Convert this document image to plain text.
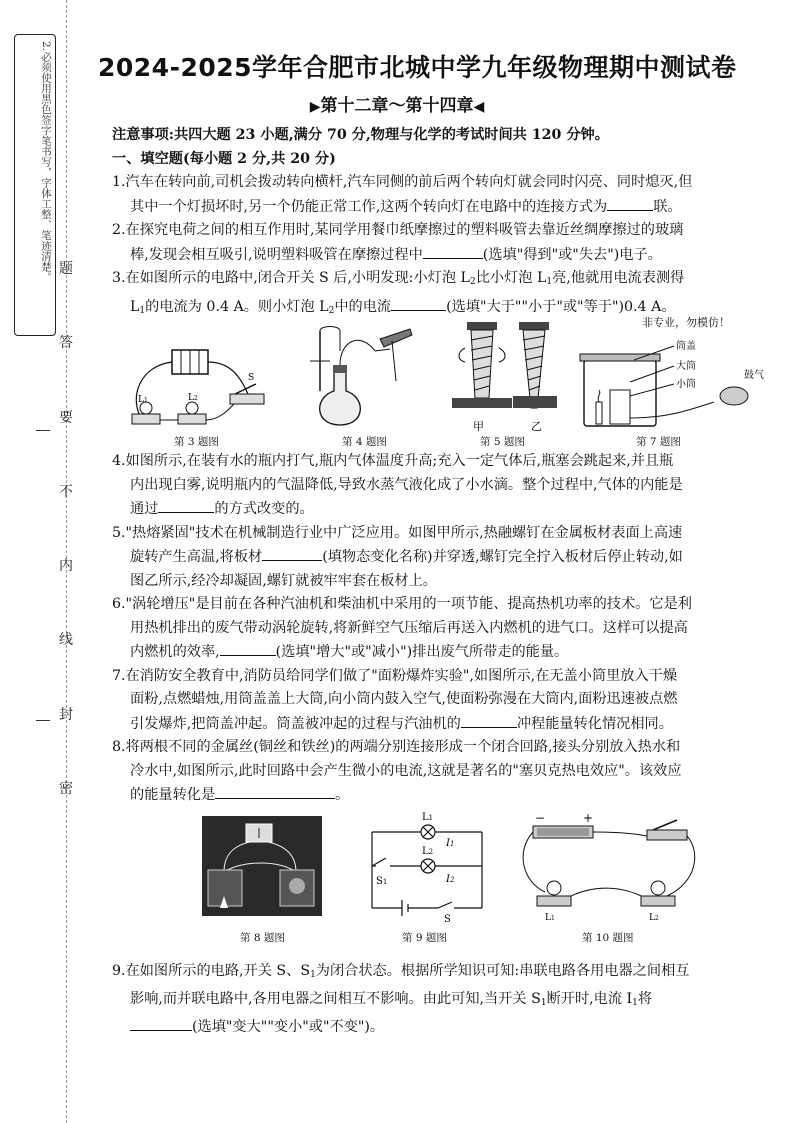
2.必须使用黑色签字笔书写，字体工整、笔迹清楚。 题
答
要
不
内
线
封
密
2024-2025学年合肥市北城中学九年级物理期中测试卷
▶第十二章～第十四章◀

注意事项:共四大题 23 小题,满分 70 分,物理与化学的考试时间共 120 分钟。

一、填空题(每小题 2 分,共 20 分)

1.汽车在转向前,司机会拨动转向横杆,汽车同侧的前后两个转向灯就会同时闪亮、同时熄灭,但
其中一个灯损坏时,另一个仍能正常工作,这两个转向灯在电路中的连接方式为	联。

2.在探究电荷之间的相互作用时,某同学用餐巾纸摩擦过的塑料吸管去靠近丝绸摩擦过的玻璃
棒,发现会相互吸引,说明塑料吸管在摩擦过程中	(选填"得到"或"失去")电子。

3.在如图所示的电路中,闭合开关 S 后,小明发现:小灯泡 $L_2$比小灯泡 $L_1$亮,他就用电流表测得
$L_1$的电流为 0.4 A。则小灯泡 $L_2$中的电流	(选填"大于""小于"或"等于")0.4 A。

L1	L2
S
第 3 题图	第 4 题图
甲	乙
第 5 题图
非专业，勿模仿！
筒盖
大筒
小筒
鼓气
第 7 题图

4.如图所示,在装有水的瓶内打气,瓶内气体温度升高;充入一定气体后,瓶塞会跳起来,并且瓶
内出现白雾,说明瓶内的气温降低,导致水蒸气液化成了小水滴。整个过程中,气体的内能是
通过	的方式改变的。

5."热熔紧固"技术在机械制造行业中广泛应用。如图甲所示,热融螺钉在金属板材表面上高速
旋转产生高温,将板材	(填物态变化名称)并穿透,螺钉完全拧入板材后停止转动,如
图乙所示,经冷却凝固,螺钉就被牢牢套在板材上。

6."涡轮增压"是目前在各种汽油机和柴油机中采用的一项节能、提高热机功率的技术。它是利
用热机排出的废气带动涡轮旋转,将新鲜空气压缩后再送入内燃机的进气口。这样可以提高
内燃机的效率,	(选填"增大"或"减小")排出废气所带走的能量。

7.在消防安全教育中,消防员给同学们做了"面粉爆炸实验",如图所示,在无盖小筒里放入干燥
面粉,点燃蜡烛,用筒盖盖上大筒,向小筒内鼓入空气,使面粉弥漫在大筒内,面粉迅速被点燃
引发爆炸,把筒盖冲起。筒盖被冲起的过程与汽油机的	冲程能量转化情况相同。

8.将两根不同的金属丝(铜丝和铁丝)的两端分别连接形成一个闭合回路,接头分别放入热水和
冷水中,如图所示,此时回路中会产生微小的电流,这就是著名的"塞贝克热电效应"。该效应
的能量转化是	。

第 8 题图
L1
L2
I1
I2
S1
S
第 9 题图
−	+
L1	L2
第 10 题图

9.在如图所示的电路,开关 S、$S_1$为闭合状态。根据所学知识可知:串联电路各用电器之间相互
影响,而并联电路中,各用电器之间相互不影响。由此可知,当开关 $S_1$断开时,电流 $I_1$将
(选填"变大""变小"或"不变")。
